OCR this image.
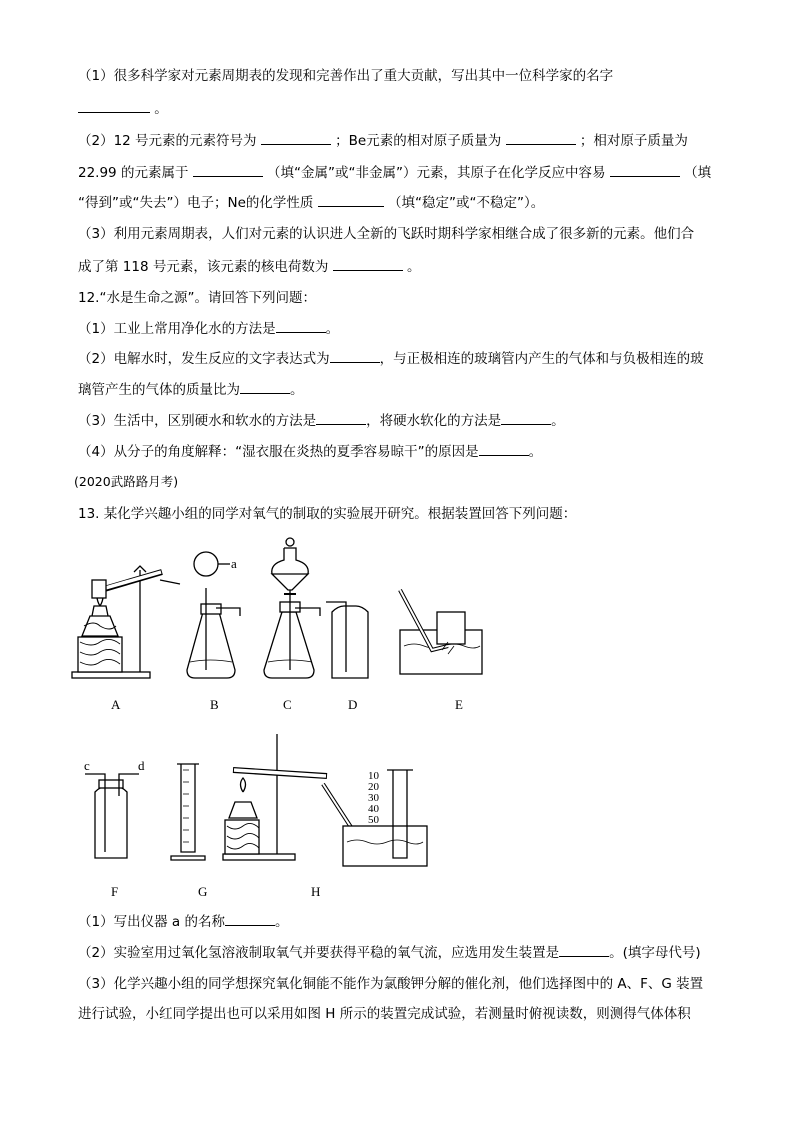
（1）很多科学家对元素周期表的发现和完善作出了重大贡献，写出其中一位科学家的名字
。
（2）12 号元素的元素符号为	；Be元素的相对原子质量为	；相对原子质量为
22.99 的元素属于	（填“金属”或“非金属”）元素，其原子在化学反应中容易	（填
“得到”或“失去”）电子；Ne的化学性质	（填“稳定”或“不稳定”）。
（3）利用元素周期表，人们对元素的认识进人全新的飞跃时期科学家相继合成了很多新的元素。他们合
成了第 118 号元素，该元素的核电荷数为	。
12.“水是生命之源”。请回答下列问题：
（1）工业上常用净化水的方法是	。
（2）电解水时，发生反应的文字表达式为	，与正极相连的玻璃管内产生的气体和与负极相连的玻
璃管产生的气体的质量比为	。
（3）生活中，区别硬水和软水的方法是	，将硬水软化的方法是	。
（4）从分子的角度解释：“湿衣服在炎热的夏季容易晾干”的原因是	。
(2020武路路月考)
13. 某化学兴趣小组的同学对氧气的制取的实验展开研究。根据装置回答下列问题：
a
A	B	C	D	E
c	d
10
20
30
40
50
F	G	H
（1）写出仪器 a 的名称	。
（2）实验室用过氧化氢溶液制取氧气并要获得平稳的氧气流，应选用发生装置是	。(填字母代号)
（3）化学兴趣小组的同学想探究氧化铜能不能作为氯酸钾分解的催化剂，他们选择图中的 A、F、G 装置
进行试验，小红同学提出也可以采用如图 H 所示的装置完成试验，若测量时俯视读数，则测得气体体积
